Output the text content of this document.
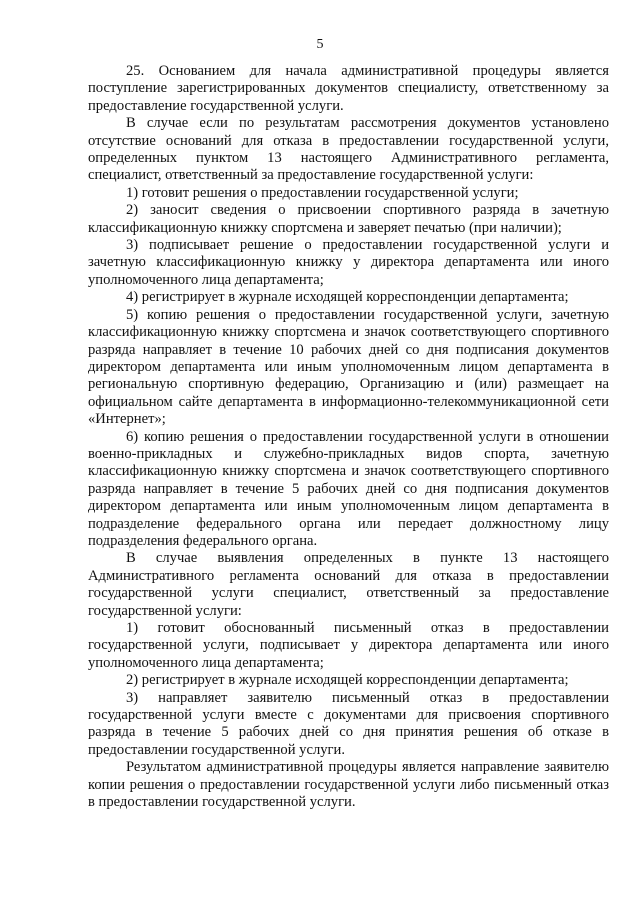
5

25. Основанием для начала административной процедуры является поступление зарегистрированных документов специалисту, ответственному за предоставление государственной услуги.

В случае если по результатам рассмотрения документов установлено отсутствие оснований для отказа в предоставлении государственной услуги, определенных пунктом 13 настоящего Административного регламента, специалист, ответственный за предоставление государственной услуги:

1) готовит решения о предоставлении государственной услуги;

2) заносит сведения о присвоении спортивного разряда в зачетную классификационную книжку спортсмена и заверяет печатью (при наличии);

3) подписывает решение о предоставлении государственной услуги и зачетную классификационную книжку у директора департамента или иного уполномоченного лица департамента;

4) регистрирует в журнале исходящей корреспонденции департамента;

5) копию решения о предоставлении государственной услуги, зачетную классификационную книжку спортсмена и значок соответствующего спортивного разряда направляет в течение 10 рабочих дней со дня подписания документов директором департамента или иным уполномоченным лицом департамента в региональную спортивную федерацию, Организацию и (или) размещает на официальном сайте департамента в информационно-телекоммуникационной сети «Интернет»;

6) копию решения о предоставлении государственной услуги в отношении военно-прикладных и служебно-прикладных видов спорта, зачетную классификационную книжку спортсмена и значок соответствующего спортивного разряда направляет в течение 5 рабочих дней со дня подписания документов директором департамента или иным уполномоченным лицом департамента в подразделение федерального органа или передает должностному лицу подразделения федерального органа.

В случае выявления определенных в пункте 13 настоящего Административного регламента оснований для отказа в предоставлении государственной услуги специалист, ответственный за предоставление государственной услуги:

1) готовит обоснованный письменный отказ в предоставлении государственной услуги, подписывает у директора департамента или иного уполномоченного лица департамента;

2) регистрирует в журнале исходящей корреспонденции департамента;

3) направляет заявителю письменный отказ в предоставлении государственной услуги вместе с документами для присвоения спортивного разряда в течение 5 рабочих дней со дня принятия решения об отказе в предоставлении государственной услуги.

Результатом административной процедуры является направление заявителю копии решения о предоставлении государственной услуги либо письменный отказ в предоставлении государственной услуги.
